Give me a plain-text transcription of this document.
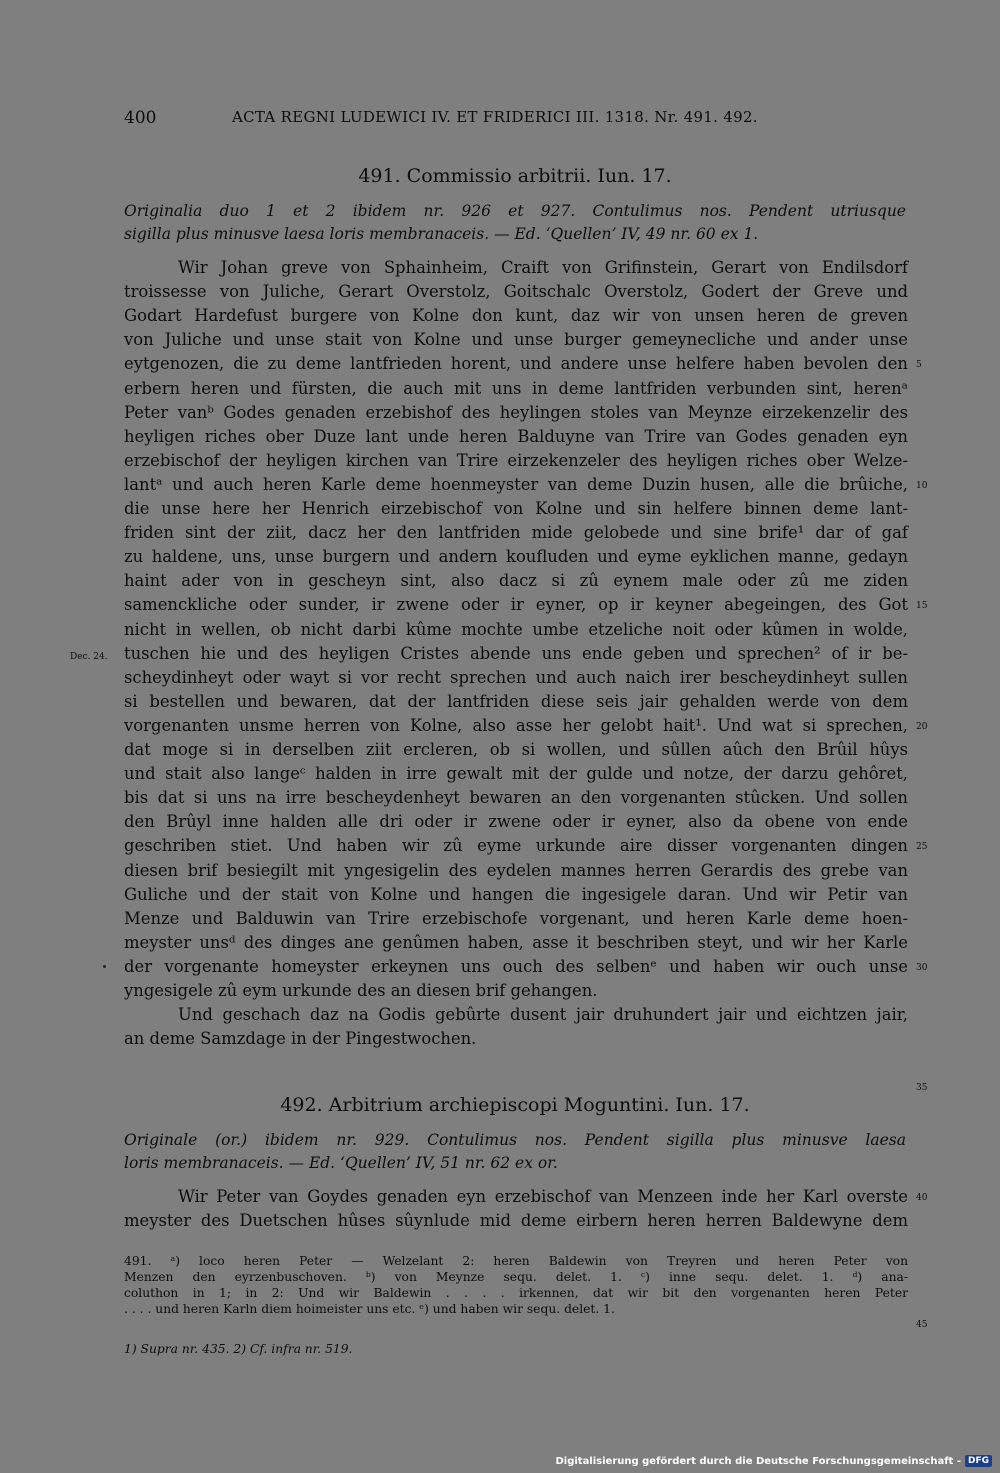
400	ACTA REGNI LUDEWICI IV. ET FRIDERICI III. 1318. Nr. 491. 492.
491. Commissio arbitrii. Iun. 17.
Originalia duo 1 et 2 ibidem nr. 926 et 927. Contulimus nos. Pendent utriusque
sigilla plus minusve laesa loris membranaceis. — Ed. ‘Quellen’ IV, 49 nr. 60 ex 1.
Wir Johan greve von Sphainheim, Craift von Grifinstein, Gerart von Endilsdorf
troissesse von Juliche, Gerart Overstolz, Goitschalc Overstolz, Godert der Greve und
Godart Hardefust burgere von Kolne don kunt, daz wir von unsen heren de greven
von Juliche und unse stait von Kolne und unse burger gemeynecliche und ander unse
eytgenozen, die zu deme lantfrieden horent, und andere unse helfere haben bevolen den
erbern heren und fürsten, die auch mit uns in deme lantfriden verbunden sint, herenᵃ
Peter vanᵇ Godes genaden erzebishof des heylingen stoles van Meynze eirzekenzelir des
heyligen riches ober Duze lant unde heren Balduyne van Trire van Godes genaden eyn
erzebischof der heyligen kirchen van Trire eirzekenzeler des heyligen riches ober Welze-
lantᵃ und auch heren Karle deme hoenmeyster van deme Duzin husen, alle die brûiche,
die unse here her Henrich eirzebischof von Kolne und sin helfere binnen deme lant-
friden sint der ziit, dacz her den lantfriden mide gelobede und sine brife¹ dar of gaf
zu haldene, uns, unse burgern und andern koufluden und eyme eyklichen manne, gedayn
haint ader von in gescheyn sint, also dacz si zû eynem male oder zû me ziden
samenckliche oder sunder, ir zwene oder ir eyner, op ir keyner abegeingen, des Got
nicht in wellen, ob nicht darbi kûme mochte umbe etzeliche noit oder kûmen in wolde,
tuschen hie und des heyligen Cristes abende uns ende geben und sprechen² of ir be-
scheydinheyt oder wayt si vor recht sprechen und auch naich irer bescheydinheyt sullen
si bestellen und bewaren, dat der lantfriden diese seis jair gehalden werde von dem
vorgenanten unsme herren von Kolne, also asse her gelobt hait¹. Und wat si sprechen,
dat moge si in derselben ziit ercleren, ob si wollen, und sûllen aûch den Brûil hûys
und stait also langeᶜ halden in irre gewalt mit der gulde und notze, der darzu gehôret,
bis dat si uns na irre bescheydenheyt bewaren an den vorgenanten stûcken. Und sollen
den Brûyl inne halden alle dri oder ir zwene oder ir eyner, also da obene von ende
geschriben stiet. Und haben wir zû eyme urkunde aire disser vorgenanten dingen
diesen brif besiegilt mit yngesigelin des eydelen mannes herren Gerardis des grebe van
Guliche und der stait von Kolne und hangen die ingesigele daran. Und wir Petir van
Menze und Balduwin van Trire erzebischofe vorgenant, und heren Karle deme hoen-
meyster unsᵈ des dinges ane genûmen haben, asse it beschriben steyt, und wir her Karle
der vorgenante homeyster erkeynen uns ouch des selbenᵉ und haben wir ouch unse
yngesigele zû eym urkunde des an diesen brif gehangen.
Und geschach daz na Godis gebûrte dusent jair druhundert jair und eichtzen jair,
an deme Samzdage in der Pingestwochen.
5
10
15
20
25
30
35
Dec. 24.
492. Arbitrium archiepiscopi Moguntini. Iun. 17.
Originale (or.) ibidem nr. 929. Contulimus nos. Pendent sigilla plus minusve laesa
loris membranaceis. — Ed. ‘Quellen’ IV, 51 nr. 62 ex or.
Wir Peter van Goydes genaden eyn erzebischof van Menzeen inde her Karl overste
meyster des Duetschen hûses sûynlude mid deme eirbern heren herren Baldewyne dem
40
491. ᵃ) loco heren Peter — Welzelant 2: heren Baldewin von Treyren und heren Peter von
Menzen den eyrzenbuschoven. ᵇ) von Meynze sequ. delet. 1. ᶜ) inne sequ. delet. 1. ᵈ) ana-
coluthon in 1; in 2: Und wir Baldewin . . . . irkennen, dat wir bit den vorgenanten heren Peter
. . . . und heren Karln diem hoimeister uns etc. ᵉ) und haben wir sequ. delet. 1.
45
1) Supra nr. 435. 2) Cf. infra nr. 519.
Digitalisierung gefördert durch die Deutsche Forschungsgemeinschaft - DFG
